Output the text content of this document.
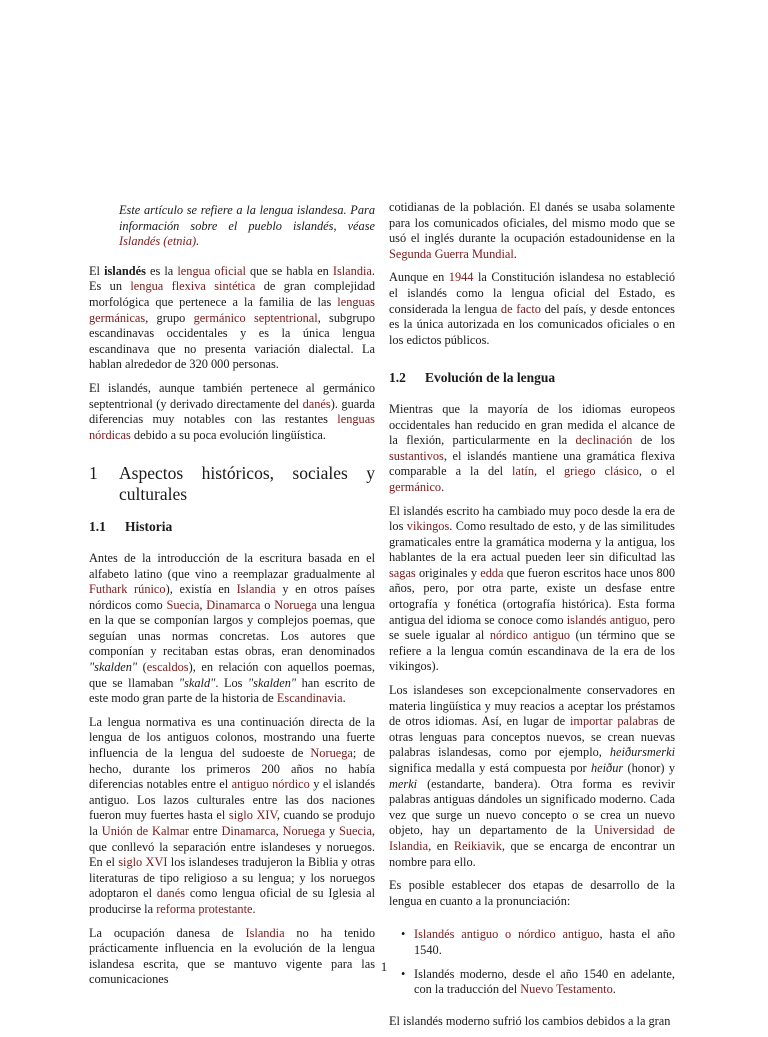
Este artículo se refiere a la lengua islandesa. Para información sobre el pueblo islandés, véase Islandés (etnia).

El islandés es la lengua oficial que se habla en Islandia. Es un lengua flexiva sintética de gran complejidad morfológica que pertenece a la familia de las lenguas germánicas, grupo germánico septentrional, subgrupo escandinavas occidentales y es la única lengua escandinava que no presenta variación dialectal. La hablan alrededor de 320 000 personas.

El islandés, aunque también pertenece al germánico septentrional (y derivado directamente del danés). guarda diferencias muy notables con las restantes lenguas nórdicas debido a su poca evolución lingüística.

1	Aspectos históricos, sociales y culturales
1.1	Historia

Antes de la introducción de la escritura basada en el alfabeto latino (que vino a reemplazar gradualmente al Futhark rúnico), existía en Islandia y en otros países nórdicos como Suecia, Dinamarca o Noruega una lengua en la que se componían largos y complejos poemas, que seguían unas normas concretas. Los autores que componían y recitaban estas obras, eran denominados "skalden" (escaldos), en relación con aquellos poemas, que se llamaban "skald". Los "skalden" han escrito de este modo gran parte de la historia de Escandinavia.

La lengua normativa es una continuación directa de la lengua de los antiguos colonos, mostrando una fuerte influencia de la lengua del sudoeste de Noruega; de hecho, durante los primeros 200 años no había diferencias notables entre el antiguo nórdico y el islandés antiguo. Los lazos culturales entre las dos naciones fueron muy fuertes hasta el siglo XIV, cuando se produjo la Unión de Kalmar entre Dinamarca, Noruega y Suecia, que conllevó la separación entre islandeses y noruegos. En el siglo XVI los islandeses tradujeron la Biblia y otras literaturas de tipo religioso a su lengua; y los noruegos adoptaron el danés como lengua oficial de su Iglesia al producirse la reforma protestante.

La ocupación danesa de Islandia no ha tenido prácticamente influencia en la evolución de la lengua islandesa escrita, que se mantuvo vigente para las comunicaciones

cotidianas de la población. El danés se usaba solamente para los comunicados oficiales, del mismo modo que se usó el inglés durante la ocupación estadounidense en la Segunda Guerra Mundial.

Aunque en 1944 la Constitución islandesa no estableció el islandés como la lengua oficial del Estado, es considerada la lengua de facto del país, y desde entonces es la única autorizada en los comunicados oficiales o en los edictos públicos.

1.2	Evolución de la lengua

Mientras que la mayoría de los idiomas europeos occidentales han reducido en gran medida el alcance de la flexión, particularmente en la declinación de los sustantivos, el islandés mantiene una gramática flexiva comparable a la del latín, el griego clásico, o el germánico.

El islandés escrito ha cambiado muy poco desde la era de los vikingos. Como resultado de esto, y de las similitudes gramaticales entre la gramática moderna y la antigua, los hablantes de la era actual pueden leer sin dificultad las sagas originales y edda que fueron escritos hace unos 800 años, pero, por otra parte, existe un desfase entre ortografía y fonética (ortografía histórica). Esta forma antigua del idioma se conoce como islandés antiguo, pero se suele igualar al nórdico antiguo (un término que se refiere a la lengua común escandinava de la era de los vikingos).

Los islandeses son excepcionalmente conservadores en materia lingüística y muy reacios a aceptar los préstamos de otros idiomas. Así, en lugar de importar palabras de otras lenguas para conceptos nuevos, se crean nuevas palabras islandesas, como por ejemplo, heiðursmerki significa medalla y está compuesta por heiður (honor) y merki (estandarte, bandera). Otra forma es revivir palabras antiguas dándoles un significado moderno. Cada vez que surge un nuevo concepto o se crea un nuevo objeto, hay un departamento de la Universidad de Islandia, en Reikiavik, que se encarga de encontrar un nombre para ello.

Es posible establecer dos etapas de desarrollo de la lengua en cuanto a la pronunciación:

• Islandés antiguo o nórdico antiguo, hasta el año 1540.
• Islandés moderno, desde el año 1540 en adelante, con la traducción del Nuevo Testamento.

El islandés moderno sufrió los cambios debidos a la gran

1
